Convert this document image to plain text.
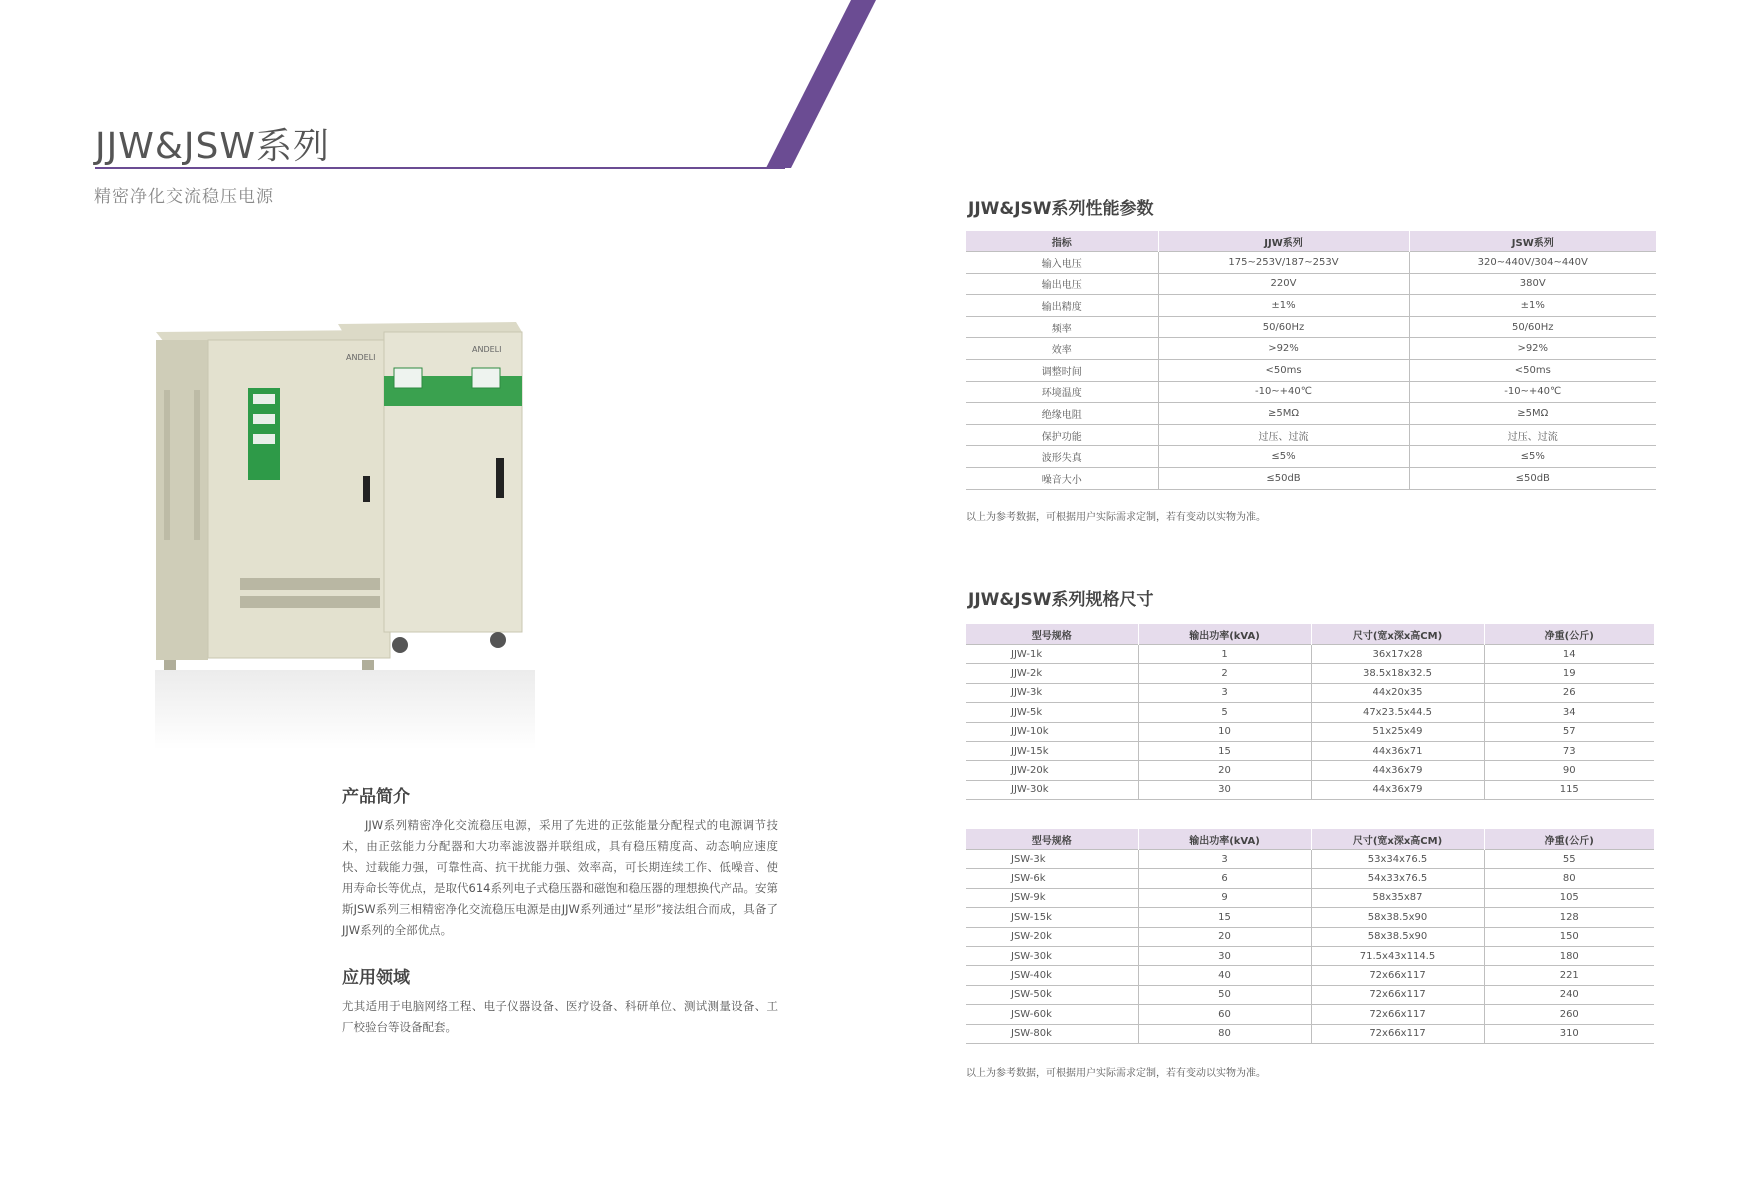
JJW&JSW系列
精密净化交流稳压电源
ANDELI
ANDELI
产品简介
JJW系列精密净化交流稳压电源，采用了先进的正弦能量分配程式的电源调节技术，由正弦能力分配器和大功率滤波器并联组成，具有稳压精度高、动态响应速度快、过载能力强，可靠性高、抗干扰能力强、效率高，可长期连续工作、低噪音、使用寿命长等优点，是取代614系列电子式稳压器和磁饱和稳压器的理想换代产品。安第斯JSW系列三相精密净化交流稳压电源是由JJW系列通过“星形”接法组合而成，具备了JJW系列的全部优点。
应用领域
尤其适用于电脑网络工程、电子仪器设备、医疗设备、科研单位、测试测量设备、工厂校验台等设备配套。
JJW&JSW系列性能参数
指标	JJW系列	JSW系列
输入电压	175~253V/187~253V	320~440V/304~440V
输出电压	220V	380V
输出精度	±1%	±1%
频率	50/60Hz	50/60Hz
效率	>92%	>92%
调整时间	<50ms	<50ms
环境温度	-10~+40℃	-10~+40℃
绝缘电阻	≥5MΩ	≥5MΩ
保护功能	过压、过流	过压、过流
波形失真	≤5%	≤5%
噪音大小	≤50dB	≤50dB
以上为参考数据，可根据用户实际需求定制，若有变动以实物为准。
JJW&JSW系列规格尺寸
型号规格	输出功率(kVA)	尺寸(宽x深x高CM)	净重(公斤)
JJW-1k	1	36x17x28	14
JJW-2k	2	38.5x18x32.5	19
JJW-3k	3	44x20x35	26
JJW-5k	5	47x23.5x44.5	34
JJW-10k	10	51x25x49	57
JJW-15k	15	44x36x71	73
JJW-20k	20	44x36x79	90
JJW-30k	30	44x36x79	115
型号规格	输出功率(kVA)	尺寸(宽x深x高CM)	净重(公斤)
JSW-3k	3	53x34x76.5	55
JSW-6k	6	54x33x76.5	80
JSW-9k	9	58x35x87	105
JSW-15k	15	58x38.5x90	128
JSW-20k	20	58x38.5x90	150
JSW-30k	30	71.5x43x114.5	180
JSW-40k	40	72x66x117	221
JSW-50k	50	72x66x117	240
JSW-60k	60	72x66x117	260
JSW-80k	80	72x66x117	310
以上为参考数据，可根据用户实际需求定制，若有变动以实物为准。
